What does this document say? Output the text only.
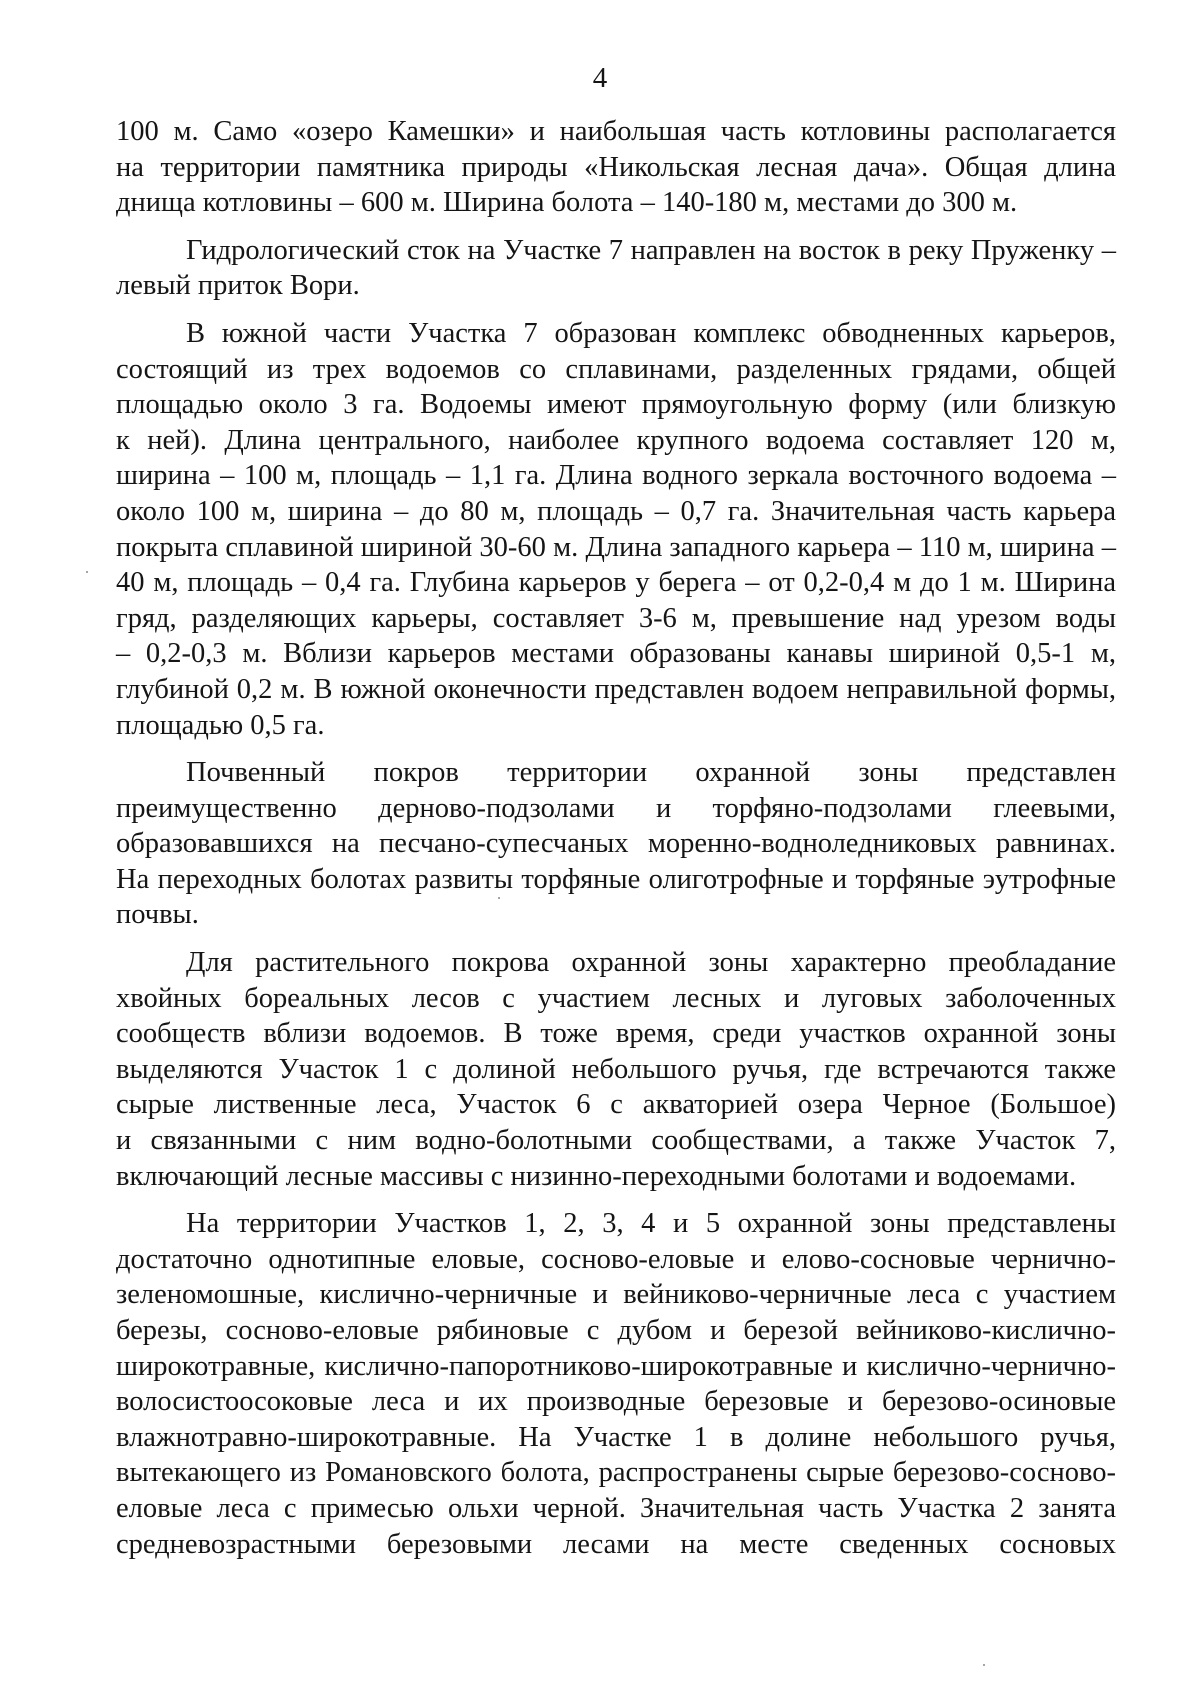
4
100 м. Само «озеро Камешки» и наибольшая часть котловины располагается
на территории памятника природы «Никольская лесная дача». Общая длина
днища котловины – 600 м. Ширина болота – 140-180 м, местами до 300 м.
Гидрологический сток на Участке 7 направлен на восток в реку Пруженку –
левый приток Вори.
В южной части Участка 7 образован комплекс обводненных карьеров,
состоящий из трех водоемов со сплавинами, разделенных грядами, общей
площадью около 3 га. Водоемы имеют прямоугольную форму (или близкую
к ней). Длина центрального, наиболее крупного водоема составляет 120 м,
ширина – 100 м, площадь – 1,1 га. Длина водного зеркала восточного водоема –
около 100 м, ширина – до 80 м, площадь – 0,7 га. Значительная часть карьера
покрыта сплавиной шириной 30-60 м. Длина западного карьера – 110 м, ширина –
40 м, площадь – 0,4 га. Глубина карьеров у берега – от 0,2-0,4 м до 1 м. Ширина
гряд, разделяющих карьеры, составляет 3-6 м, превышение над урезом воды
– 0,2-0,3 м. Вблизи карьеров местами образованы канавы шириной 0,5-1 м,
глубиной 0,2 м. В южной оконечности представлен водоем неправильной формы,
площадью 0,5 га.
Почвенный покров территории охранной зоны представлен
преимущественно дерново-подзолами и торфяно-подзолами глеевыми,
образовавшихся на песчано-супесчаных моренно-водноледниковых равнинах.
На переходных болотах развиты торфяные олиготрофные и торфяные эутрофные
почвы.
Для растительного покрова охранной зоны характерно преобладание
хвойных бореальных лесов с участием лесных и луговых заболоченных
сообществ вблизи водоемов. В тоже время, среди участков охранной зоны
выделяются Участок 1 с долиной небольшого ручья, где встречаются также
сырые лиственные леса, Участок 6 с акваторией озера Черное (Большое)
и связанными с ним водно-болотными сообществами, а также Участок 7,
включающий лесные массивы с низинно-переходными болотами и водоемами.
На территории Участков 1, 2, 3, 4 и 5 охранной зоны представлены
достаточно однотипные еловые, сосново-еловые и елово-сосновые чернично-
зеленомошные, кислично-черничные и вейниково-черничные леса с участием
березы, сосново-еловые рябиновые с дубом и березой вейниково-кислично-
широкотравные, кислично-папоротниково-широкотравные и кислично-чернично-
волосистоосоковые леса и их производные березовые и березово-осиновые
влажнотравно-широкотравные. На Участке 1 в долине небольшого ручья,
вытекающего из Романовского болота, распространены сырые березово-сосново-
еловые леса с примесью ольхи черной. Значительная часть Участка 2 занята
средневозрастными березовыми лесами на месте сведенных сосновых
